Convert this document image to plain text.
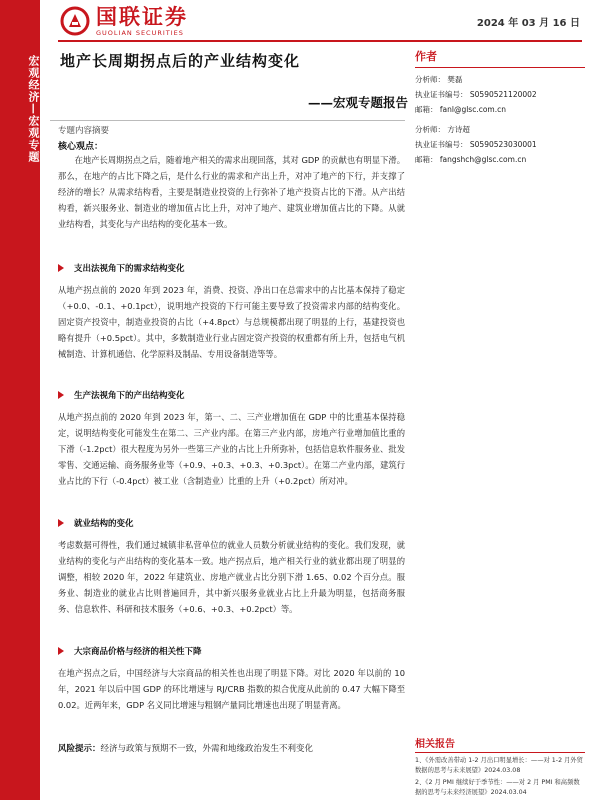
宏观经济—宏观专题
国联证券
GUOLIAN SECURITIES
2024 年 03 月 16 日
地产长周期拐点后的产业结构变化
——宏观专题报告
作者
分析师： 樊磊
执业证书编号： S0590521120002
邮箱： fanl@glsc.com.cn
分析师： 方诗超
执业证书编号： S0590523030001
邮箱： fangshch@glsc.com.cn
专题内容摘要
核心观点：
在地产长周期拐点之后，随着地产相关的需求出现回落，其对 GDP 的贡献也有明显下滑。那么，在地产的占比下降之后，是什么行业的需求和产出上升，对冲了地产的下行，并支撑了经济的增长？从需求结构看，主要是制造业投资的上行弥补了地产投资占比的下滑。从产出结构看，新兴服务业、制造业的增加值占比上升，对冲了地产、建筑业增加值占比的下降。从就业结构看，其变化与产出结构的变化基本一致。
支出法视角下的需求结构变化
从地产拐点前的 2020 年到 2023 年，消费、投资、净出口在总需求中的占比基本保持了稳定（+0.0、-0.1、+0.1pct），说明地产投资的下行可能主要导致了投资需求内部的结构变化。固定资产投资中，制造业投资的占比（+4.8pct）与总规模都出现了明显的上行，基建投资也略有提升（+0.5pct）。其中，多数制造业行业占固定资产投资的权重都有所上升，包括电气机械制造、计算机通信、化学原料及制品、专用设备制造等等。
生产法视角下的产出结构变化
从地产拐点前的 2020 年到 2023 年，第一、二、三产业增加值在 GDP 中的比重基本保持稳定，说明结构变化可能发生在第二、三产业内部。在第三产业内部，房地产行业增加值比重的下滑（-1.2pct）很大程度为另外一些第三产业的占比上升所弥补，包括信息软件服务业、批发零售、交通运输、商务服务业等（+0.9、+0.3、+0.3、+0.3pct）。在第二产业内部，建筑行业占比的下行（-0.4pct）被工业（含制造业）比重的上升（+0.2pct）所对冲。
就业结构的变化
考虑数据可得性，我们通过城镇非私营单位的就业人员数分析就业结构的变化。我们发现，就业结构的变化与产出结构的变化基本一致。地产拐点后，地产相关行业的就业都出现了明显的调整，相较 2020 年，2022 年建筑业、房地产就业占比分别下滑 1.65、0.02 个百分点。服务业、制造业的就业占比则普遍回升，其中新兴服务业就业占比上升最为明显，包括商务服务、信息软件、科研和技术服务（+0.6、+0.3、+0.2pct）等。
大宗商品价格与经济的相关性下降
在地产拐点之后，中国经济与大宗商品的相关性也出现了明显下降。对比 2020 年以前的 10 年，2021 年以后中国 GDP 的环比增速与 RJ/CRB 指数的拟合优度从此前的 0.47 大幅下降至 0.02。近两年来，GDP 名义同比增速与粗钢产量同比增速也出现了明显背离。
风险提示：经济与政策与预期不一致，外需和地缘政治发生不利变化	相关报告
1、《外需改善带动 1-2 月出口明显增长：——对 1-2 月外贸数据的思考与未来展望》2024.03.08
2、《2 月 PMI 继续好于季节性：——对 2 月 PMI 和高频数据的思考与未来经济展望》2024.03.04
